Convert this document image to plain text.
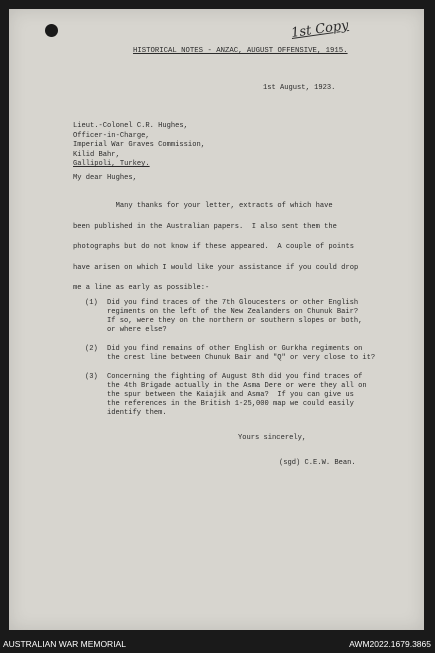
1st Copy
HISTORICAL NOTES - ANZAC, AUGUST OFFENSIVE, 1915.
1st August, 1923.
Lieut.-Colonel C.R. Hughes,
Officer-in-Charge,
Imperial War Graves Commission,
Kilid Bahr,
Gallipoli, Turkey.
My dear Hughes,
Many thanks for your letter, extracts of which have
been published in the Australian papers.  I also sent them the
photographs but do not know if these appeared.  A couple of points
have arisen on which I would like your assistance if you could drop
me a line as early as possible:-
(1) Did you find traces of the 7th Gloucesters or other English
regiments on the left of the New Zealanders on Chunuk Bair?
If so, were they on the northern or southern slopes or both,
or where else?
(2) Did you find remains of other English or Gurkha regiments on
the crest line between Chunuk Bair and "Q" or very close to it?
(3) Concerning the fighting of August 8th did you find traces of
the 4th Brigade actually in the Asma Dere or were they all on
the spur between the Kaiajik and Asma?  If you can give us
the references in the British 1-25,000 map we could easily
identify them.
Yours sincerely,
(sgd) C.E.W. Bean.
AUSTRALIAN WAR MEMORIAL	AWM2022.1679.3865
